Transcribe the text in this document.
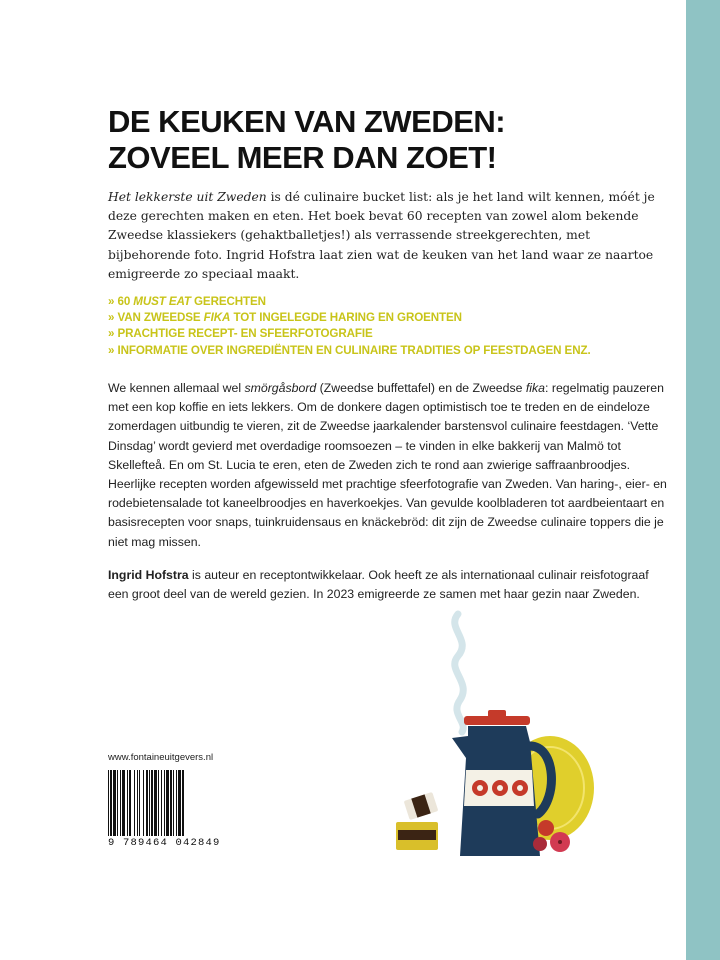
DE KEUKEN VAN ZWEDEN:
ZOVEEL MEER DAN ZOET!

Het lekkerste uit Zweden is dé culinaire bucket list: als je het land wilt kennen, móét je deze gerechten maken en eten. Het boek bevat 60 recepten van zowel alom bekende Zweedse klassiekers (gehaktballetjes!) als verrassende streekgerechten, met bijbehorende foto. Ingrid Hofstra laat zien wat de keuken van het land waar ze naartoe emigreerde zo speciaal maakt.

» 60 MUST EAT GERECHTEN
» VAN ZWEEDSE FIKA TOT INGELEGDE HARING EN GROENTEN
» PRACHTIGE RECEPT- EN SFEERFOTOGRAFIE
» INFORMATIE OVER INGREDIËNTEN EN CULINAIRE TRADITIES OP FEESTDAGEN ENZ.

We kennen allemaal wel smörgåsbord (Zweedse buffettafel) en de Zweedse fika: regelmatig pauzeren met een kop koffie en iets lekkers. Om de donkere dagen optimistisch toe te treden en de eindeloze zomerdagen uitbundig te vieren, zit de Zweedse jaarkalender barstensvol culinaire feestdagen. ‘Vette Dinsdag’ wordt gevierd met overdadige roomsoezen – te vinden in elke bakkerij van Malmö tot Skellefteå. En om St. Lucia te eren, eten de Zweden zich te rond aan zwierige saffraanbroodjes. Heerlijke recepten worden afgewisseld met prachtige sfeerfotografie van Zweden. Van haring-, eier- en rodebietensalade tot kaneelbroodjes en haverkoekjes. Van gevulde koolbladeren tot aardbeientaart en basisrecepten voor snaps, tuinkruidensaus en knäckebröd: dit zijn de Zweedse culinaire toppers die je niet mag missen.

Ingrid Hofstra is auteur en receptontwikkelaar. Ook heeft ze als internationaal culinair reisfotograaf een groot deel van de wereld gezien. In 2023 emigreerde ze samen met haar gezin naar Zweden.

www.fontaineuitgevers.nl
9 789464 042849
